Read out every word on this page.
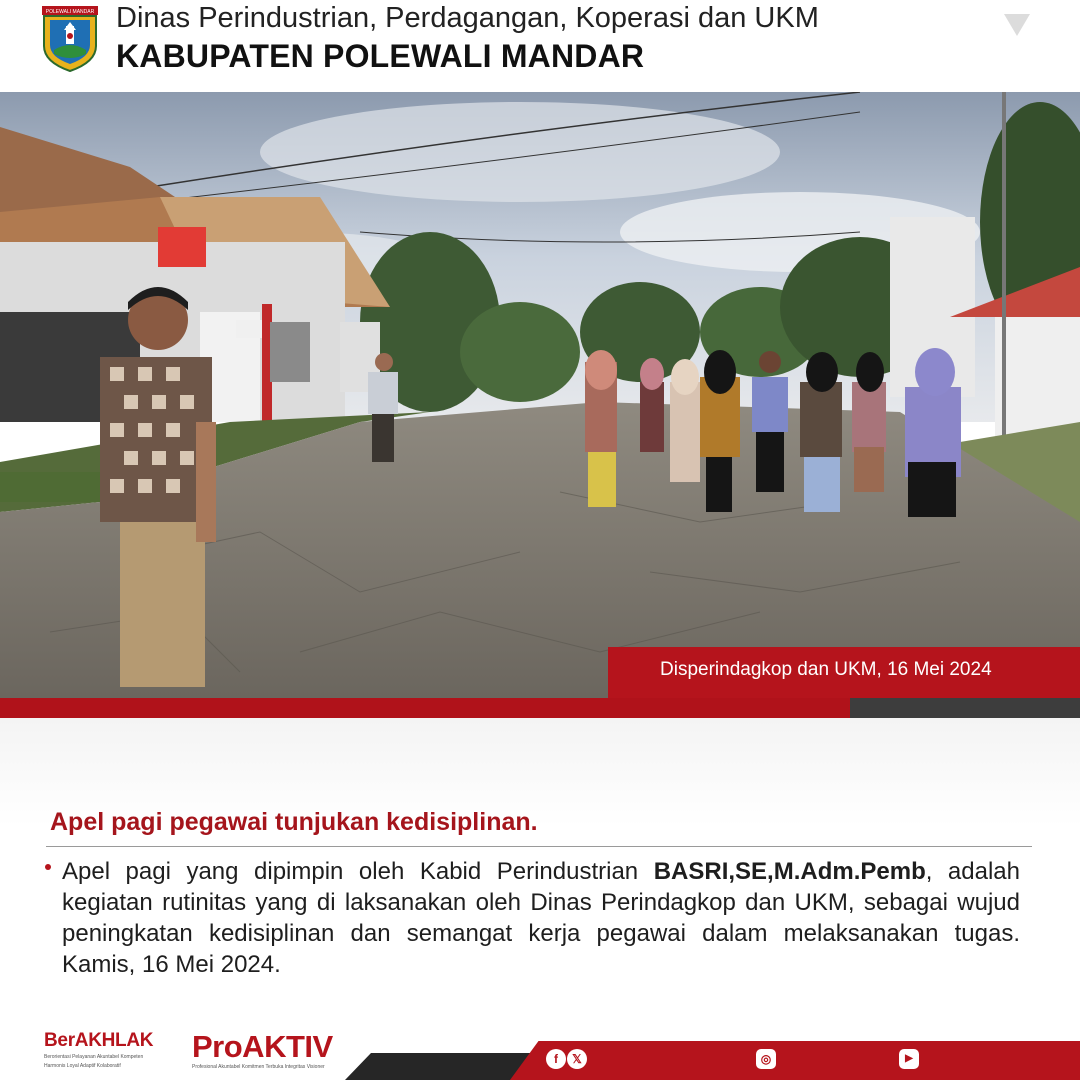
POLEWALI MANDAR Dinas Perindustrian, Perdagangan, Koperasi dan UKM
KABUPATEN POLEWALI MANDAR
Disperindagkop dan UKM, 16 Mei 2024
Apel pagi pegawai tunjukan kedisiplinan.

Apel pagi yang dipimpin oleh Kabid Perindustrian BASRI,SE,M.Adm.Pemb, adalah kegiatan rutinitas yang di laksanakan oleh Dinas Perindagkop dan UKM, sebagai wujud peningkatan kedisiplinan dan semangat kerja pegawai dalam melaksanakan tugas. Kamis, 16 Mei 2024.

BerAKHLAK
Berorientasi Pelayanan Akuntabel Kompeten
Harmonis Loyal Adaptif Kolaboratif
ProAKTIV
Profesional Akuntabel Komitmen Terbuka Integritas Visioner
f	𝕏	◎	▶
